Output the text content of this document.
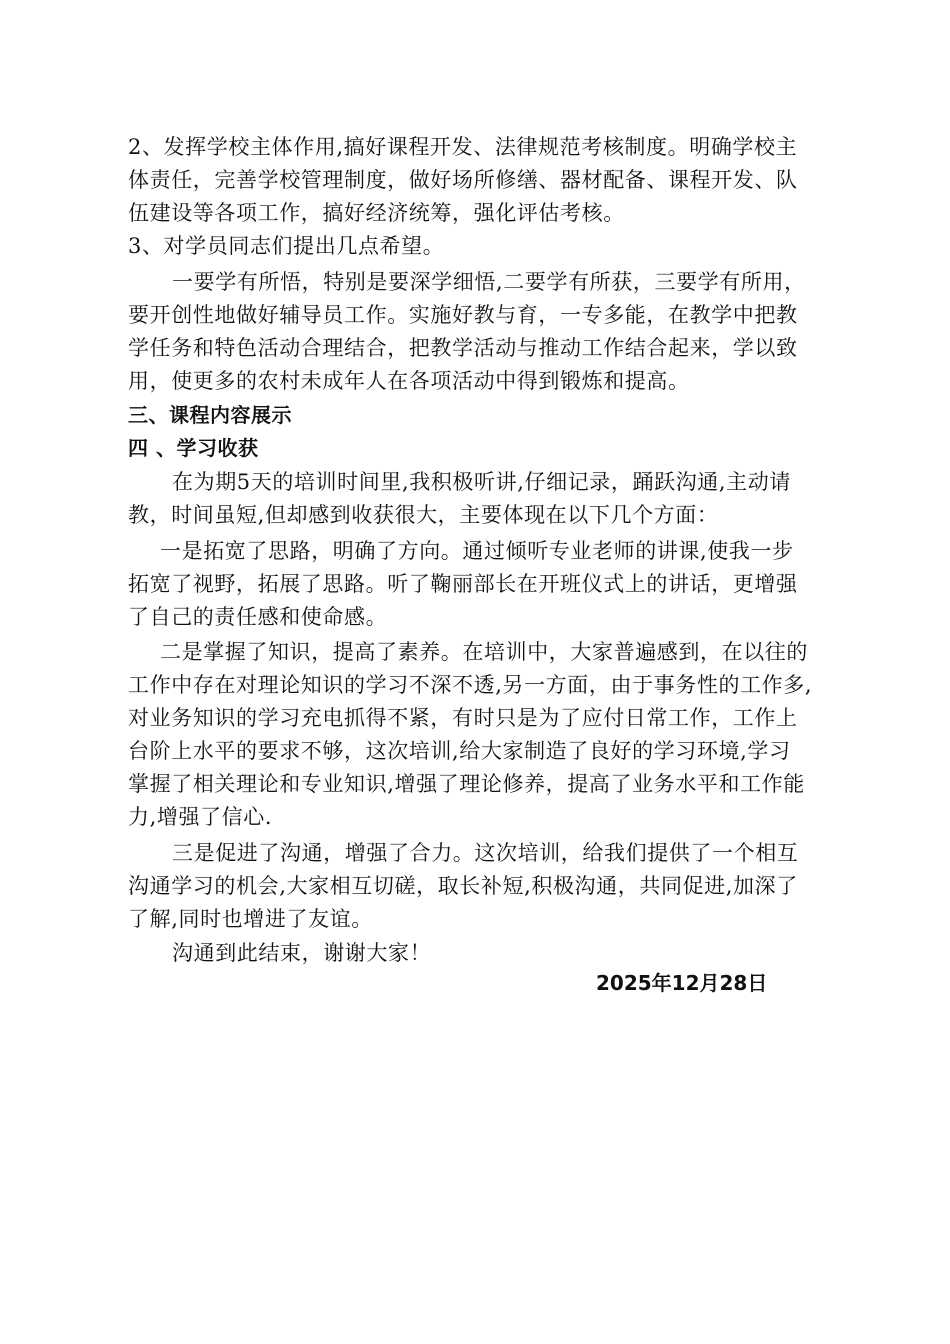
2、发挥学校主体作用,搞好课程开发、法律规范考核制度。明确学校主
体责任，完善学校管理制度，做好场所修缮、器材配备、课程开发、队
伍建设等各项工作，搞好经济统筹，强化评估考核。
3、对学员同志们提出几点希望。
一要学有所悟，特别是要深学细悟,二要学有所获，三要学有所用，
要开创性地做好辅导员工作。实施好教与育，一专多能，在教学中把教
学任务和特色活动合理结合，把教学活动与推动工作结合起来，学以致
用，使更多的农村未成年人在各项活动中得到锻炼和提高。
三、课程内容展示
四 、学习收获
在为期5天的培训时间里,我积极听讲,仔细记录，踊跃沟通,主动请
教，时间虽短,但却感到收获很大，主要体现在以下几个方面：
一是拓宽了思路，明确了方向。通过倾听专业老师的讲课,使我一步
拓宽了视野，拓展了思路。听了鞠丽部长在开班仪式上的讲话，更增强
了自己的责任感和使命感。
二是掌握了知识，提高了素养。在培训中，大家普遍感到，在以往的
工作中存在对理论知识的学习不深不透,另一方面，由于事务性的工作多,
对业务知识的学习充电抓得不紧，有时只是为了应付日常工作，工作上
台阶上水平的要求不够，这次培训,给大家制造了良好的学习环境,学习
掌握了相关理论和专业知识,增强了理论修养，提高了业务水平和工作能
力,增强了信心.
三是促进了沟通，增强了合力。这次培训，给我们提供了一个相互
沟通学习的机会,大家相互切磋，取长补短,积极沟通，共同促进,加深了
了解,同时也增进了友谊。
沟通到此结束，谢谢大家！
2025年12月28日
